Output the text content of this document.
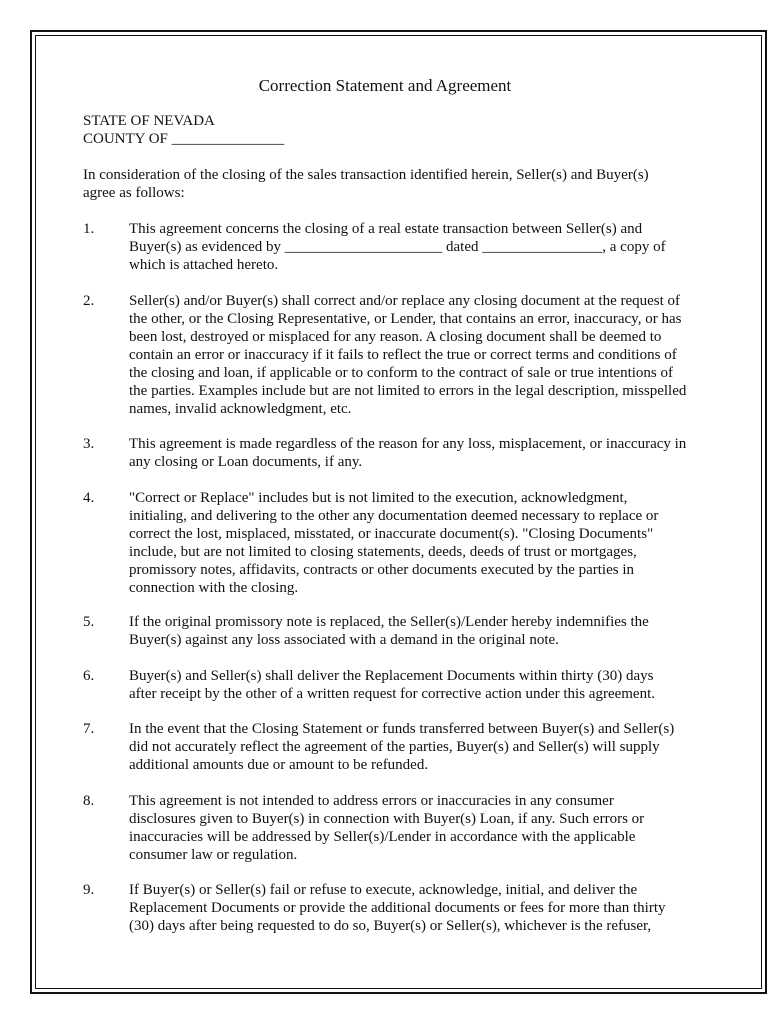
Correction Statement and Agreement
STATE OF NEVADA
COUNTY OF _______________
In consideration of the closing of the sales transaction identified herein, Seller(s) and Buyer(s) agree as follows:
1.	This agreement concerns the closing of a real estate transaction between Seller(s) and Buyer(s) as evidenced by _____________________ dated ________________, a copy of which is attached hereto.
2.	Seller(s) and/or Buyer(s) shall correct and/or replace any closing document at the request of the other, or the Closing Representative, or Lender, that contains an error, inaccuracy, or has been lost, destroyed or misplaced for any reason. A closing document shall be deemed to contain an error or inaccuracy if it fails to reflect the true or correct terms and conditions of the closing and loan, if applicable or to conform to the contract of sale or true intentions of the parties. Examples include but are not limited to errors in the legal description, misspelled names, invalid acknowledgment, etc.
3.	This agreement is made regardless of the reason for any loss, misplacement, or inaccuracy in any closing or Loan documents, if any.
4.	"Correct or Replace" includes but is not limited to the execution, acknowledgment, initialing, and delivering to the other any documentation deemed necessary to replace or correct the lost, misplaced, misstated, or inaccurate document(s). "Closing Documents" include, but are not limited to closing statements, deeds, deeds of trust or mortgages, promissory notes, affidavits, contracts or other documents executed by the parties in connection with the closing.
5.	If the original promissory note is replaced, the Seller(s)/Lender hereby indemnifies the Buyer(s) against any loss associated with a demand in the original note.
6.	Buyer(s) and Seller(s) shall deliver the Replacement Documents within thirty (30) days after receipt by the other of a written request for corrective action under this agreement.
7.	In the event that the Closing Statement or funds transferred between Buyer(s) and Seller(s) did not accurately reflect the agreement of the parties, Buyer(s) and Seller(s) will supply additional amounts due or amount to be refunded.
8.	This agreement is not intended to address errors or inaccuracies in any consumer disclosures given to Buyer(s) in connection with Buyer(s) Loan, if any. Such errors or inaccuracies will be addressed by Seller(s)/Lender in accordance with the applicable consumer law or regulation.
9.	If Buyer(s) or Seller(s) fail or refuse to execute, acknowledge, initial, and deliver the Replacement Documents or provide the additional documents or fees for more than thirty (30) days after being requested to do so, Buyer(s) or Seller(s), whichever is the refuser,
